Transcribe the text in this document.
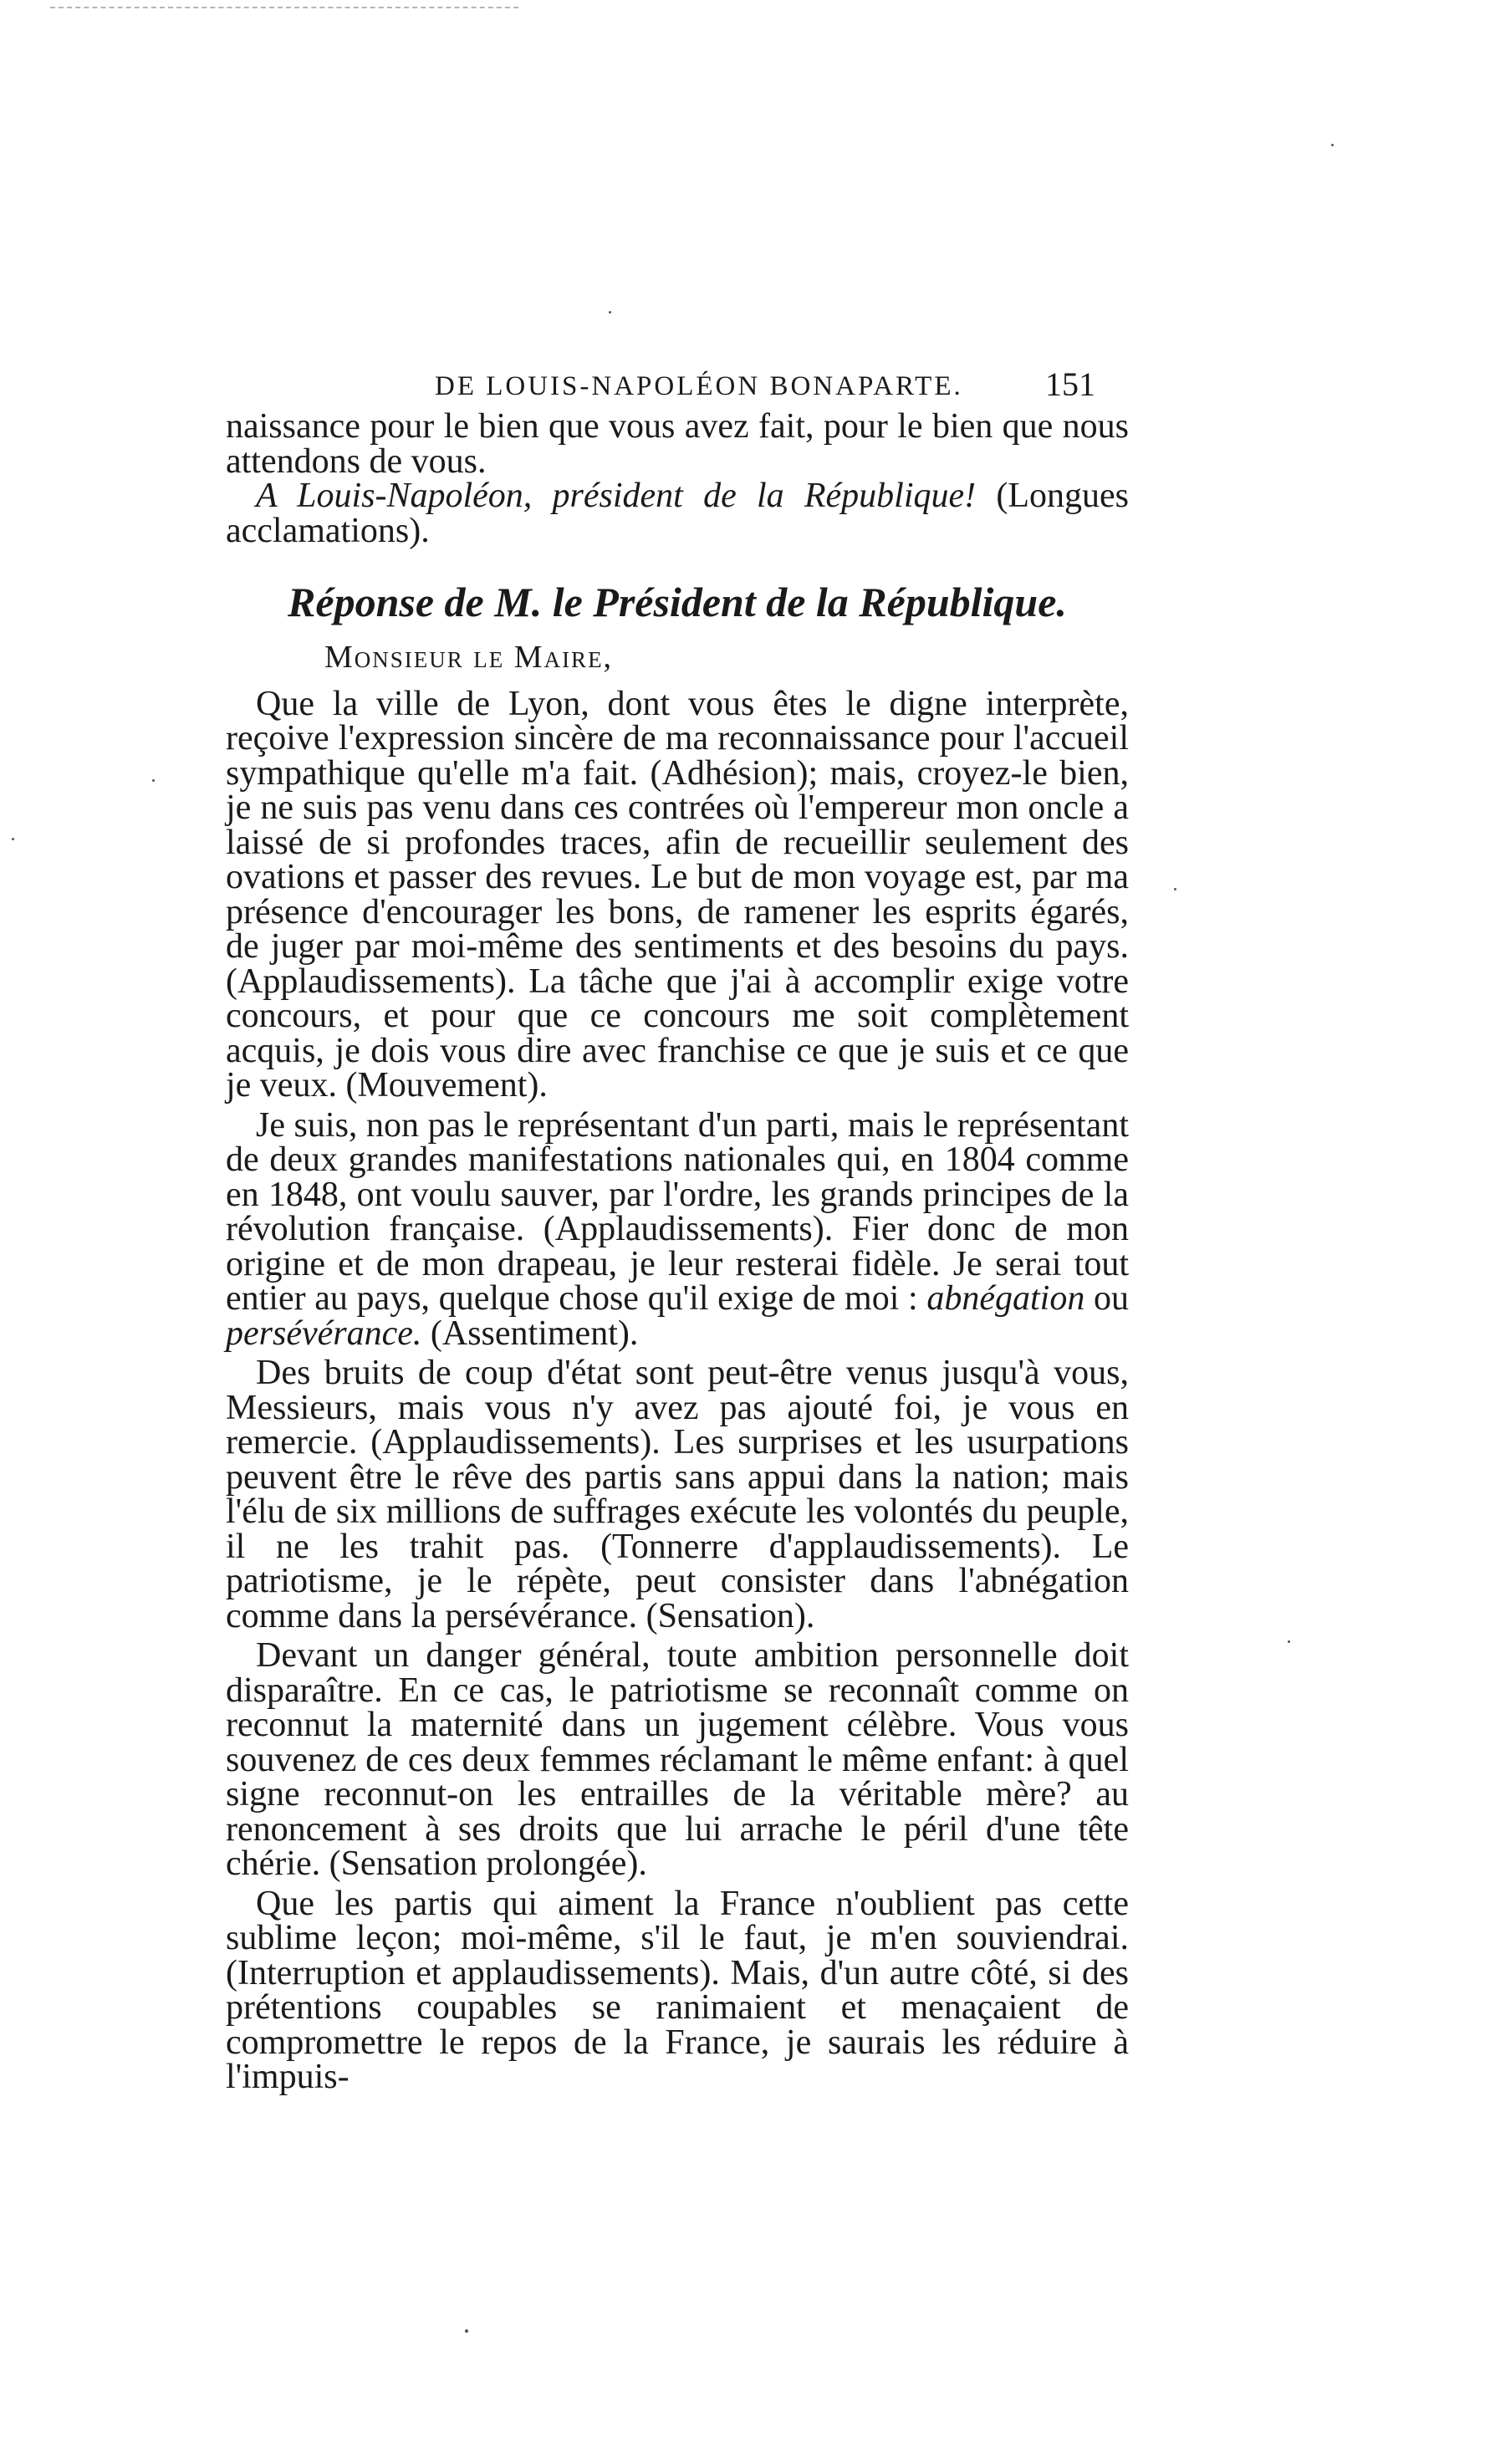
DE LOUIS-NAPOLÉON BONAPARTE. 151

naissance pour le bien que vous avez fait, pour le bien que nous attendons de vous.

A Louis-Napoléon, président de la République! (Longues acclamations).

Réponse de M. le Président de la République.

Monsieur le Maire,

Que la ville de Lyon, dont vous êtes le digne interprète, reçoive l'expression sincère de ma reconnaissance pour l'accueil sympathique qu'elle m'a fait. (Adhésion); mais, croyez-le bien, je ne suis pas venu dans ces contrées où l'empereur mon oncle a laissé de si profondes traces, afin de recueillir seulement des ovations et passer des revues. Le but de mon voyage est, par ma présence d'encourager les bons, de ramener les esprits égarés, de juger par moi-même des sentiments et des besoins du pays. (Applaudissements). La tâche que j'ai à accomplir exige votre concours, et pour que ce concours me soit complètement acquis, je dois vous dire avec franchise ce que je suis et ce que je veux. (Mouvement).

Je suis, non pas le représentant d'un parti, mais le représentant de deux grandes manifestations nationales qui, en 1804 comme en 1848, ont voulu sauver, par l'ordre, les grands principes de la révolution française. (Applaudissements). Fier donc de mon origine et de mon drapeau, je leur resterai fidèle. Je serai tout entier au pays, quelque chose qu'il exige de moi : abnégation ou persévérance. (Assentiment).

Des bruits de coup d'état sont peut-être venus jusqu'à vous, Messieurs, mais vous n'y avez pas ajouté foi, je vous en remercie. (Applaudissements). Les surprises et les usurpations peuvent être le rêve des partis sans appui dans la nation; mais l'élu de six millions de suffrages exécute les volontés du peuple, il ne les trahit pas. (Tonnerre d'applaudissements). Le patriotisme, je le répète, peut consister dans l'abnégation comme dans la persévérance. (Sensation).

Devant un danger général, toute ambition personnelle doit disparaître. En ce cas, le patriotisme se reconnaît comme on reconnut la maternité dans un jugement célèbre. Vous vous souvenez de ces deux femmes réclamant le même enfant: à quel signe reconnut-on les entrailles de la véritable mère? au renoncement à ses droits que lui arrache le péril d'une tête chérie. (Sensation prolongée).

Que les partis qui aiment la France n'oublient pas cette sublime leçon; moi-même, s'il le faut, je m'en souviendrai. (Interruption et applaudissements). Mais, d'un autre côté, si des prétentions coupables se ranimaient et menaçaient de compromettre le repos de la France, je saurais les réduire à l'impuis-
